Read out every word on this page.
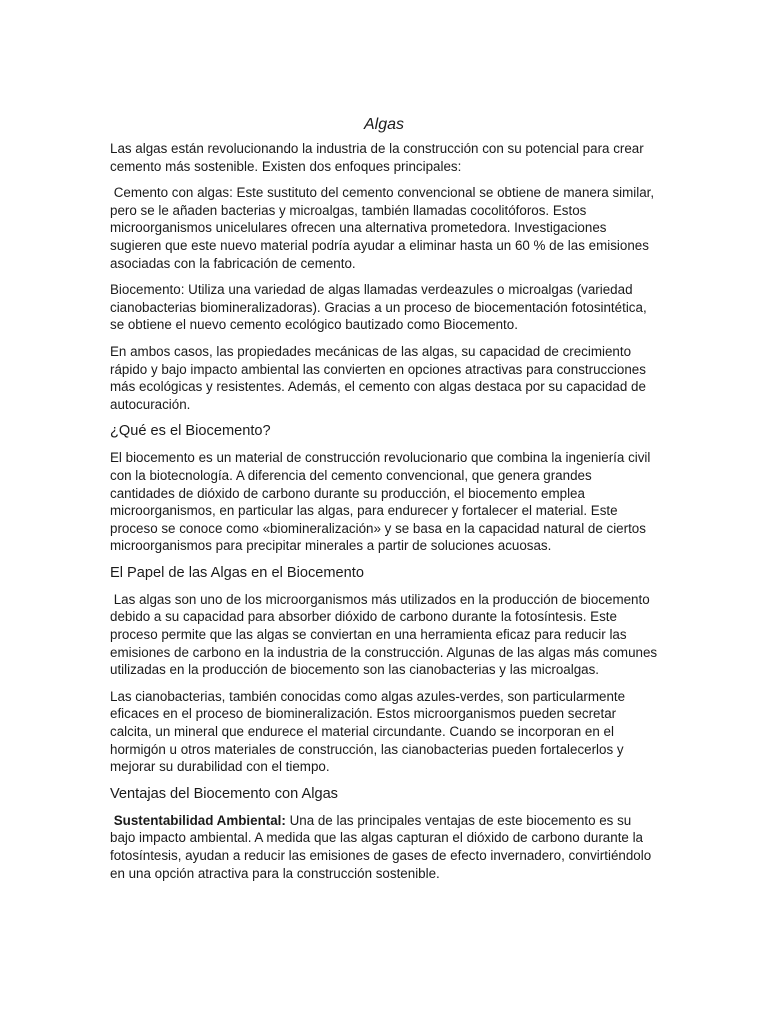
Algas

Las algas están revolucionando la industria de la construcción con su potencial para crear cemento más sostenible. Existen dos enfoques principales:

Cemento con algas: Este sustituto del cemento convencional se obtiene de manera similar, pero se le añaden bacterias y microalgas, también llamadas cocolitóforos. Estos microorganismos unicelulares ofrecen una alternativa prometedora. Investigaciones sugieren que este nuevo material podría ayudar a eliminar hasta un 60 % de las emisiones asociadas con la fabricación de cemento.

Biocemento: Utiliza una variedad de algas llamadas verdeazules o microalgas (variedad cianobacterias biomineralizadoras). Gracias a un proceso de biocementación fotosintética, se obtiene el nuevo cemento ecológico bautizado como Biocemento.

En ambos casos, las propiedades mecánicas de las algas, su capacidad de crecimiento rápido y bajo impacto ambiental las convierten en opciones atractivas para construcciones más ecológicas y resistentes. Además, el cemento con algas destaca por su capacidad de autocuración.

¿Qué es el Biocemento?

El biocemento es un material de construcción revolucionario que combina la ingeniería civil con la biotecnología. A diferencia del cemento convencional, que genera grandes cantidades de dióxido de carbono durante su producción, el biocemento emplea microorganismos, en particular las algas, para endurecer y fortalecer el material. Este proceso se conoce como «biomineralización» y se basa en la capacidad natural de ciertos microorganismos para precipitar minerales a partir de soluciones acuosas.

El Papel de las Algas en el Biocemento

Las algas son uno de los microorganismos más utilizados en la producción de biocemento debido a su capacidad para absorber dióxido de carbono durante la fotosíntesis. Este proceso permite que las algas se conviertan en una herramienta eficaz para reducir las emisiones de carbono en la industria de la construcción. Algunas de las algas más comunes utilizadas en la producción de biocemento son las cianobacterias y las microalgas.

Las cianobacterias, también conocidas como algas azules-verdes, son particularmente eficaces en el proceso de biomineralización. Estos microorganismos pueden secretar calcita, un mineral que endurece el material circundante. Cuando se incorporan en el hormigón u otros materiales de construcción, las cianobacterias pueden fortalecerlos y mejorar su durabilidad con el tiempo.

Ventajas del Biocemento con Algas

Sustentabilidad Ambiental: Una de las principales ventajas de este biocemento es su bajo impacto ambiental. A medida que las algas capturan el dióxido de carbono durante la fotosíntesis, ayudan a reducir las emisiones de gases de efecto invernadero, convirtiéndolo en una opción atractiva para la construcción sostenible.
